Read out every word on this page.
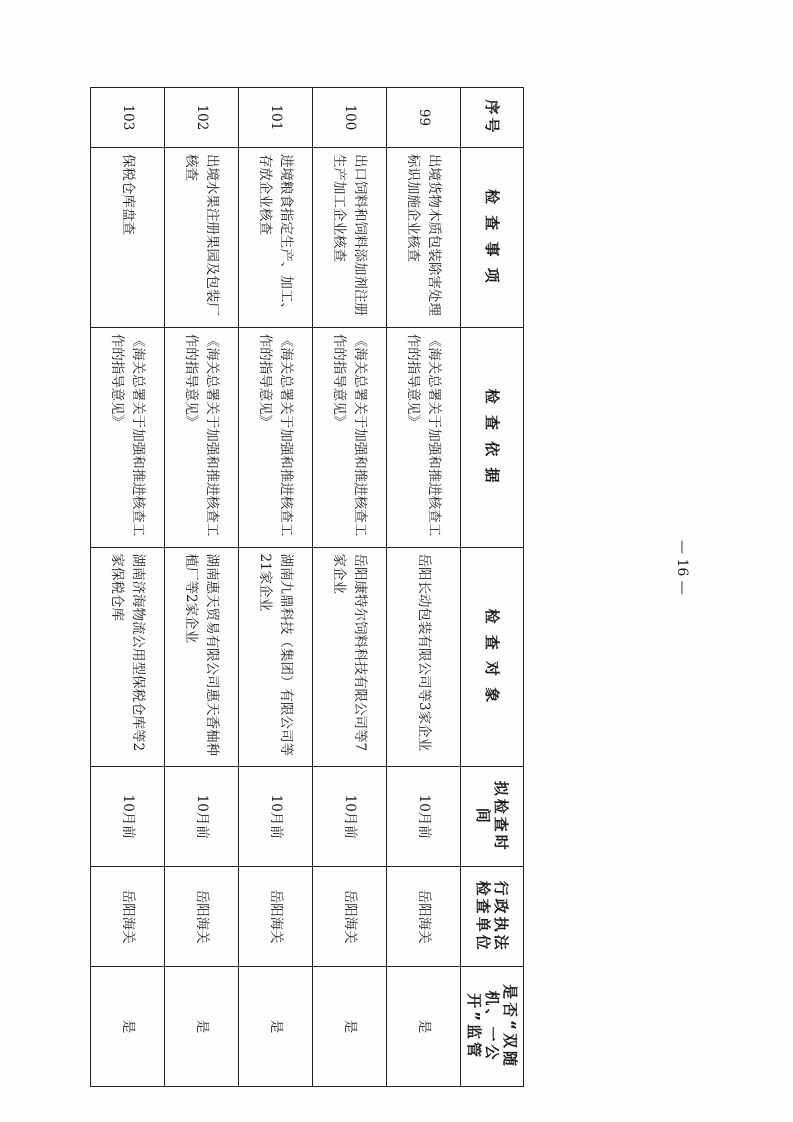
序号	检 查 事 项	检 查 依 据	检 查 对 象	拟检查时间	行政执法检查单位	是否“双随机、一公开”监管
99	出境货物木质包装除害处理标识加施企业核查	《海关总署关于加强和推进核查工作的指导意见》	岳阳长动包装有限公司等3家企业	10月前	岳阳海关	是
100	出口饲料和饲料添加剂注册生产加工企业核查	《海关总署关于加强和推进核查工作的指导意见》	岳阳康特尔饲料科技有限公司等7家企业	10月前	岳阳海关	是
101	进境粮食指定生产、加工、存放企业核查	《海关总署关于加强和推进核查工作的指导意见》	湖南九鼎科技（集团）有限公司等21家企业	10月前	岳阳海关	是
102	出境水果注册果园及包装厂核查	《海关总署关于加强和推进核查工作的指导意见》	湖南惠天贸易有限公司惠天香柚种植厂等2家企业	10月前	岳阳海关	是
103	保税仓库盘查	《海关总署关于加强和推进核查工作的指导意见》	湖南济海物流公用型保税仓库等2家保税仓库	10月前	岳阳海关	是
— 16 —
